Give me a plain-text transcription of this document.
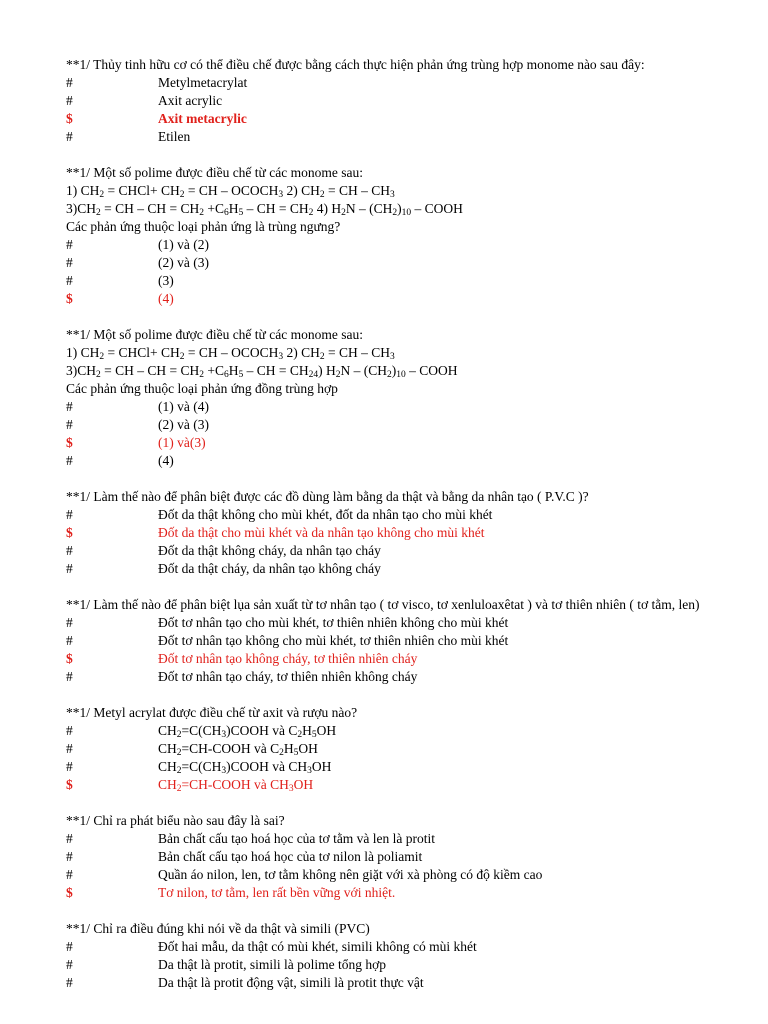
**1/ Thủy tinh hữu cơ có thể điều chế được bằng cách thực hiện phản ứng trùng hợp monome nào sau đây:
#	Metylmetacrylat
#	Axit acrylic
$	Axit metacrylic
#	Etilen
**1/ Một số polime được điều chế từ các monome sau:
1) $CH_2$ = CHCl+ $CH_2$ = CH – $OCOCH_3$ 2) $CH_2$ = CH – $CH_3$
$3)CH_2$ = CH – CH = $CH_2 +C_6H_5$ – CH = $CH_2$ 4) $H_2N - (CH_2)_{10}$ – COOH
Các phản ứng thuộc loại phản ứng là trùng ngưng?
#	(1) và (2)
#	(2) và (3)
#	(3)
$	(4)
**1/ Một số polime được điều chế từ các monome sau:
1) $CH_2$ = CHCl+ $CH_2$ = CH – $OCOCH_3$ 2) $CH_2$ = CH – $CH_3$
$3)CH_2$ = CH – CH = $CH_2 +C_6H_5$ – CH = $CH_{24}$) $H_2N - (CH_2)_{10}$ – COOH
Các phản ứng thuộc loại phản ứng đồng trùng hợp
#	(1) và (4)
#	(2) và (3)
$	(1) và(3)
#	(4)
**1/ Làm thế nào để phân biệt được các đồ dùng làm bằng da thật và bằng da nhân tạo ( P.V.C )?
#	Đốt da thật không cho mùi khét, đốt da nhân tạo cho mùi khét
$	Đốt da thật cho mùi khét và da nhân tạo không cho mùi khét
#	Đốt da thật không cháy, da nhân tạo cháy
#	Đốt da thật cháy, da nhân tạo không cháy
**1/ Làm thế nào để phân biệt lụa sản xuất từ tơ nhân tạo ( tơ visco, tơ xenluloaxêtat ) và tơ thiên nhiên ( tơ tằm, len)
#	Đốt tơ nhân tạo cho mùi khét, tơ thiên nhiên không cho mùi khét
#	Đốt tơ nhân tạo không cho mùi khét, tơ thiên nhiên cho mùi khét
$	Đốt tơ nhân tạo không cháy, tơ thiên nhiên cháy
#	Đốt tơ nhân tạo cháy, tơ thiên nhiên không cháy
**1/ Metyl acrylat được điều chế từ axit và rượu nào?
#	$CH_2=C(CH_3)COOH$ và $C_2H_5OH$
#	$CH_2=CH$-COOH và $C_2H_5OH$
#	$CH_2=C(CH_3)COOH$ và $CH_3OH$
$	$CH_2=CH$-COOH và $CH_3OH$
**1/ Chỉ ra phát biểu nào sau đây là sai?
#	Bản chất cấu tạo hoá học của tơ tằm và len là protit
#	Bản chất cấu tạo hoá học của tơ nilon là poliamit
#	Quần áo nilon, len, tơ tằm không nên giặt với xà phòng có độ kiềm cao
$	Tơ nilon, tơ tằm, len rất bền vững với nhiệt.
**1/ Chỉ ra điều đúng khi nói về da thật và simili (PVC)
#	Đốt hai mẫu, da thật có mùi khét, simili không có mùi khét
#	Da thật là protit, simili là polime tổng hợp
#	Da thật là protit động vật, simili là protit thực vật
